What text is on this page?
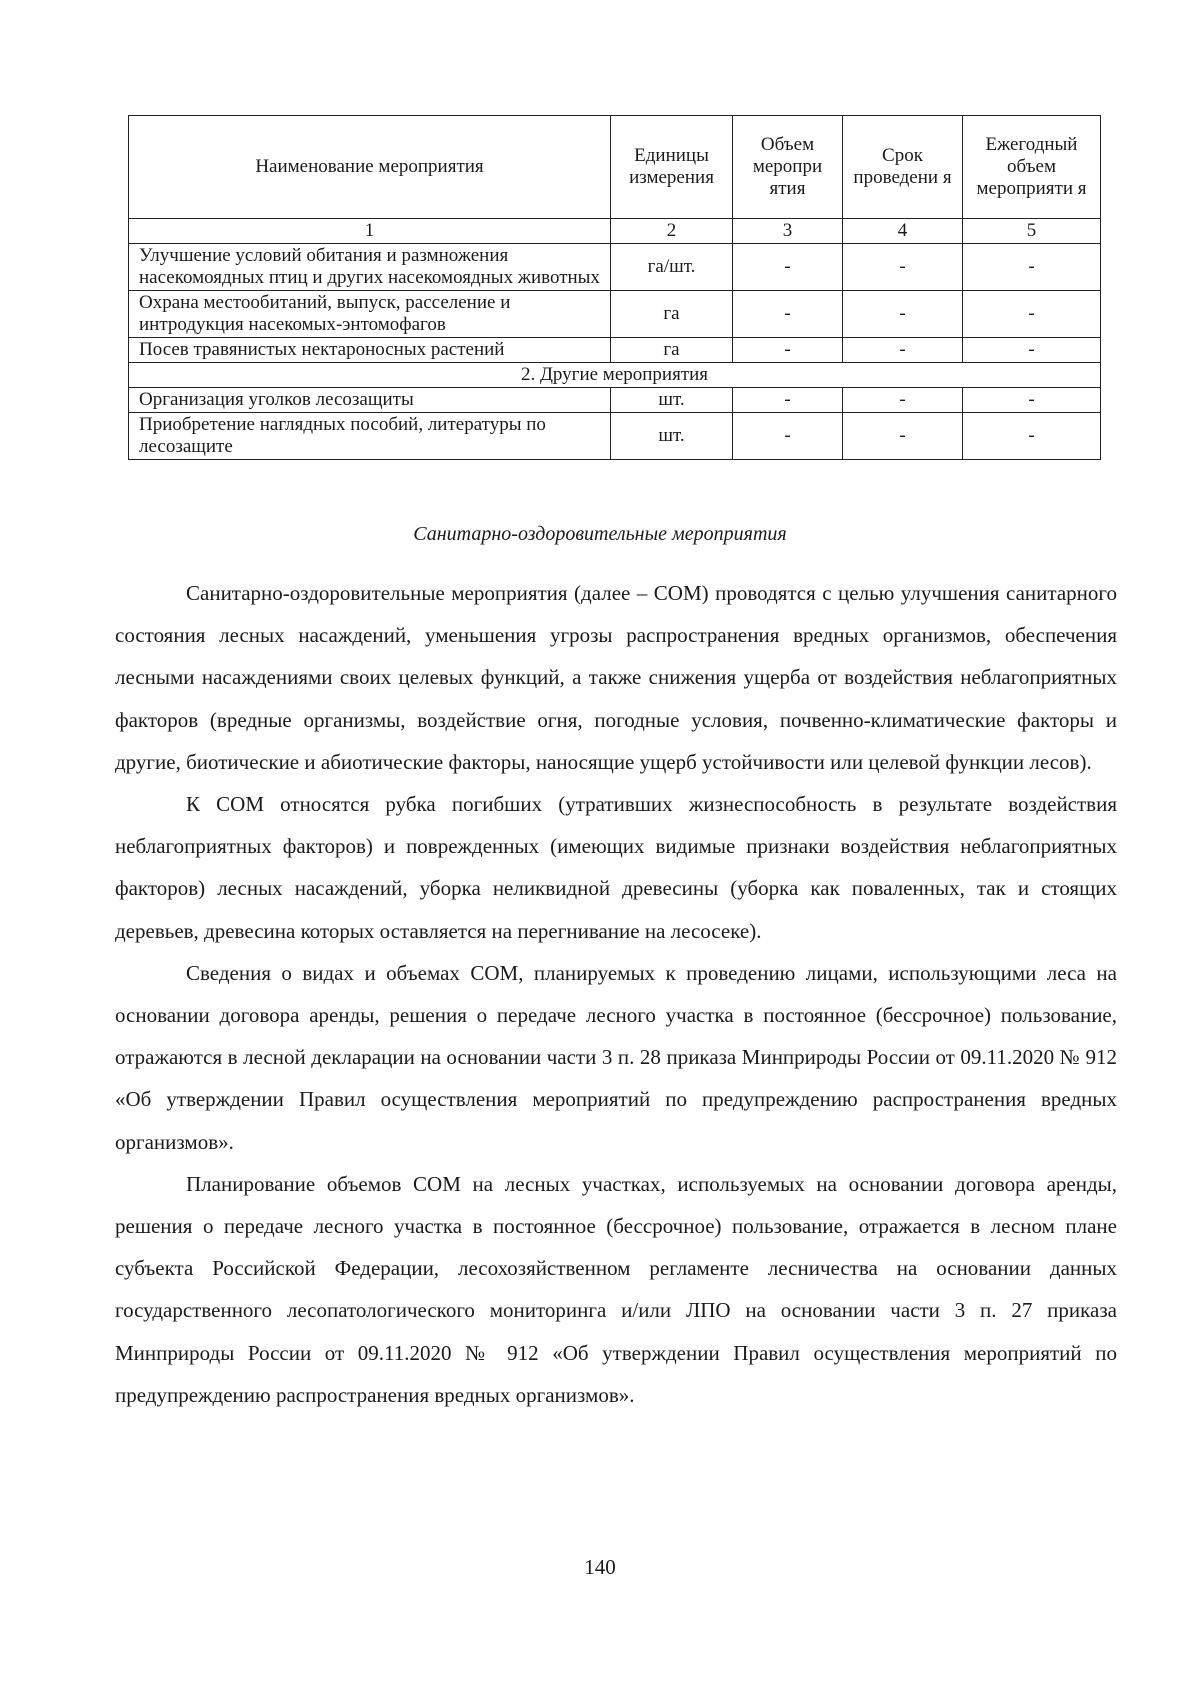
Наименование мероприятия	Единицы измерения	Объем меропри ятия	Срок проведени я	Ежегодный объем мероприяти я
1	2	3	4	5
Улучшение условий обитания и размножения насекомоядных птиц и других насекомоядных животных	га/шт.	-	-	-
Охрана местообитаний, выпуск, расселение и интродукция насекомых-энтомофагов	га	-	-	-
Посев травянистых нектароносных растений	га	-	-	-
2. Другие мероприятия				
Организация уголков лесозащиты	шт.	-	-	-
Приобретение наглядных пособий, литературы по лесозащите	шт.	-	-	-
Санитарно-оздоровительные мероприятия

Санитарно-оздоровительные мероприятия (далее – СОМ) проводятся с целью улучшения санитарного состояния лесных насаждений, уменьшения угрозы распространения вредных организмов, обеспечения лесными насаждениями своих целевых функций, а также снижения ущерба от воздействия неблагоприятных факторов (вредные организмы, воздействие огня, погодные условия, почвенно-климатические факторы и другие, биотические и абиотические факторы, наносящие ущерб устойчивости или целевой функции лесов).

К СОМ относятся рубка погибших (утративших жизнеспособность в результате воздействия неблагоприятных факторов) и поврежденных (имеющих видимые признаки воздействия неблагоприятных факторов) лесных насаждений, уборка неликвидной древесины (уборка как поваленных, так и стоящих деревьев, древесина которых оставляется на перегнивание на лесосеке).

Сведения о видах и объемах СОМ, планируемых к проведению лицами, использующими леса на основании договора аренды, решения о передаче лесного участка в постоянное (бессрочное) пользование, отражаются в лесной декларации на основании части 3 п. 28 приказа Минприроды России от 09.11.2020 № 912 «Об утверждении Правил осуществления мероприятий по предупреждению распространения вредных организмов».

Планирование объемов СОМ на лесных участках, используемых на основании договора аренды, решения о передаче лесного участка в постоянное (бессрочное) пользование, отражается в лесном плане субъекта Российской Федерации, лесохозяйственном регламенте лесничества на основании данных государственного лесопатологического мониторинга и/или ЛПО на основании части 3 п. 27 приказа Минприроды России от 09.11.2020 № 912 «Об утверждении Правил осуществления мероприятий по предупреждению распространения вредных организмов».

140
